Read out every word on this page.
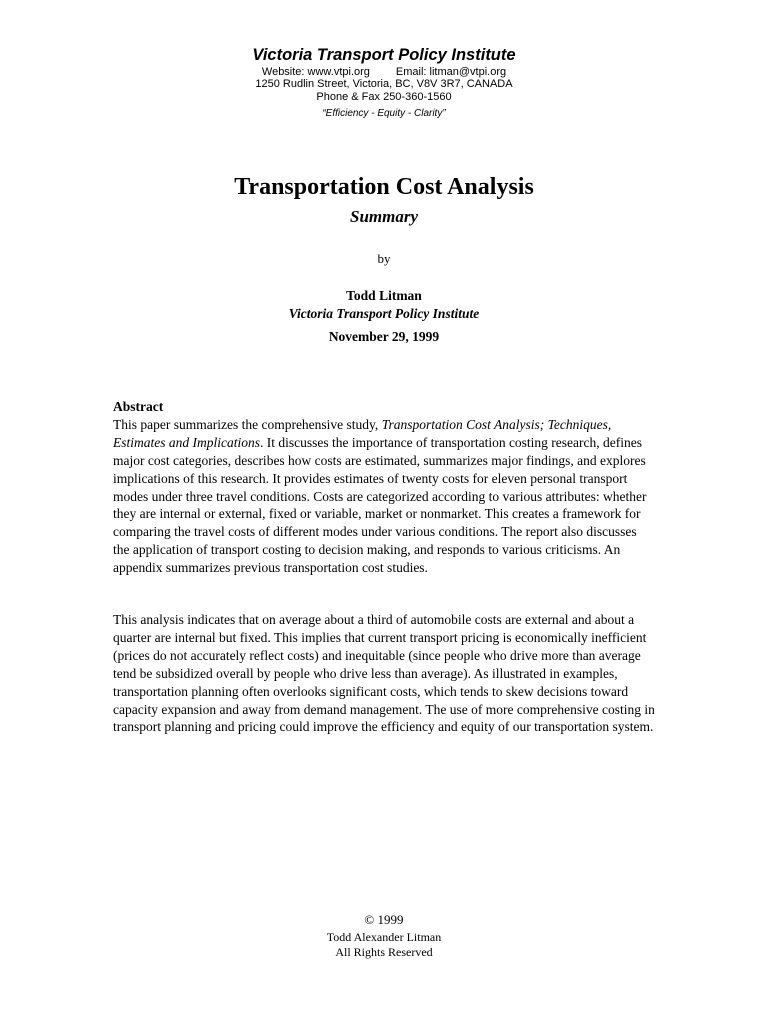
Victoria Transport Policy Institute
Website: www.vtpi.org Email: litman@vtpi.org
1250 Rudlin Street, Victoria, BC, V8V 3R7, CANADA
Phone & Fax 250-360-1560
“Efficiency - Equity - Clarity”
Transportation Cost Analysis
Summary
by
Todd Litman
Victoria Transport Policy Institute
November 29, 1999
Abstract

This paper summarizes the comprehensive study, Transportation Cost Analysis; Techniques, Estimates and Implications. It discusses the importance of transportation costing research, defines major cost categories, describes how costs are estimated, summarizes major findings, and explores implications of this research. It provides estimates of twenty costs for eleven personal transport modes under three travel conditions. Costs are categorized according to various attributes: whether they are internal or external, fixed or variable, market or nonmarket. This creates a framework for comparing the travel costs of different modes under various conditions. The report also discusses the application of transport costing to decision making, and responds to various criticisms. An appendix summarizes previous transportation cost studies.

This analysis indicates that on average about a third of automobile costs are external and about a quarter are internal but fixed. This implies that current transport pricing is economically inefficient (prices do not accurately reflect costs) and inequitable (since people who drive more than average tend be subsidized overall by people who drive less than average). As illustrated in examples, transportation planning often overlooks significant costs, which tends to skew decisions toward capacity expansion and away from demand management. The use of more comprehensive costing in transport planning and pricing could improve the efficiency and equity of our transportation system.

© 1999
Todd Alexander Litman
All Rights Reserved
